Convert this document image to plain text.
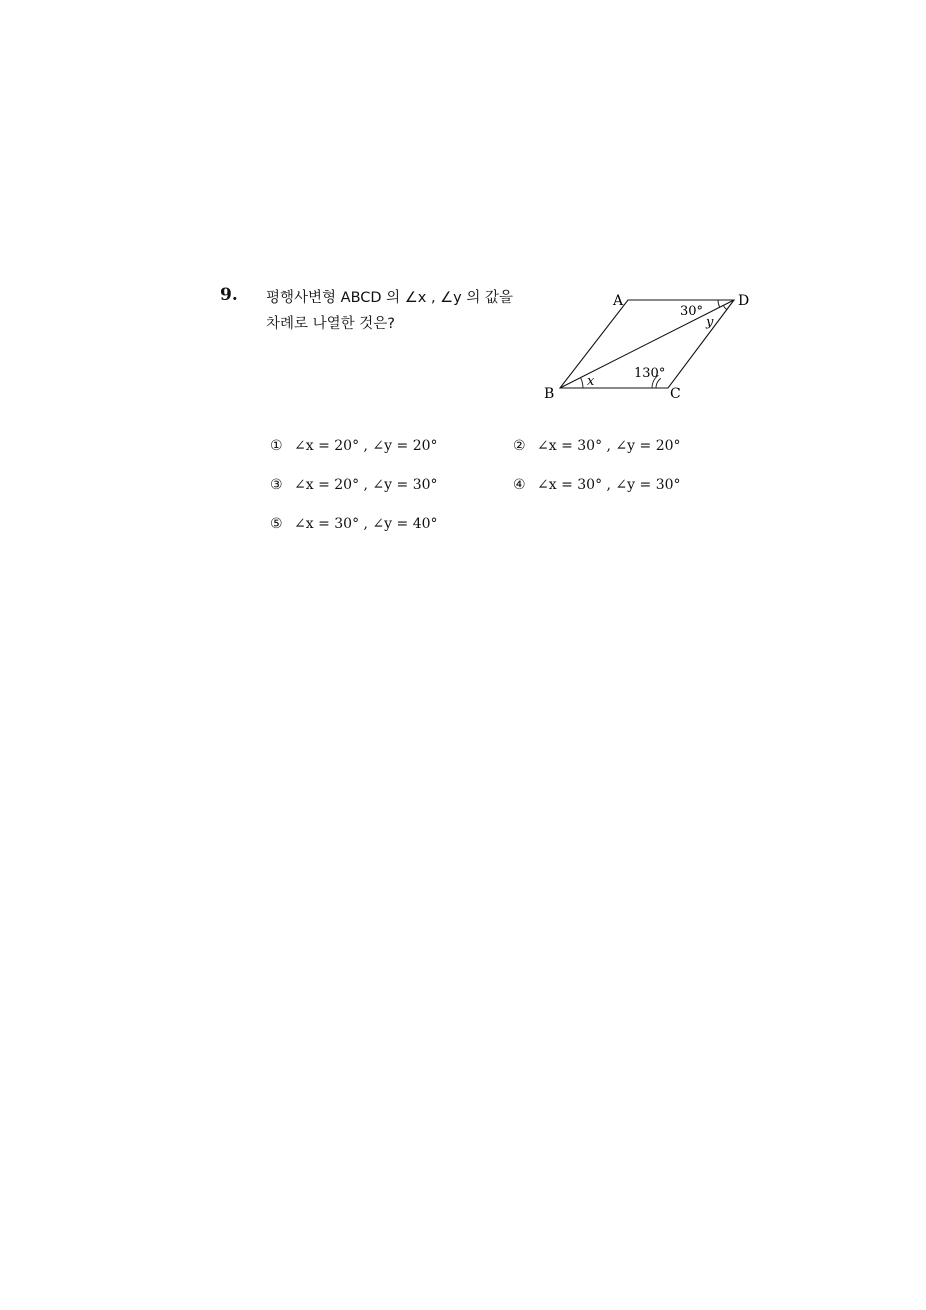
9. 평행사변형 ABCD 의 ∠x , ∠y 의 값을
차례로 나열한 것은?
A	D
B	C
30°
y
130°
x
① ∠x = 20° , ∠y = 20°	② ∠x = 30° , ∠y = 20°
③ ∠x = 20° , ∠y = 30°	④ ∠x = 30° , ∠y = 30°
⑤ ∠x = 30° , ∠y = 40°
